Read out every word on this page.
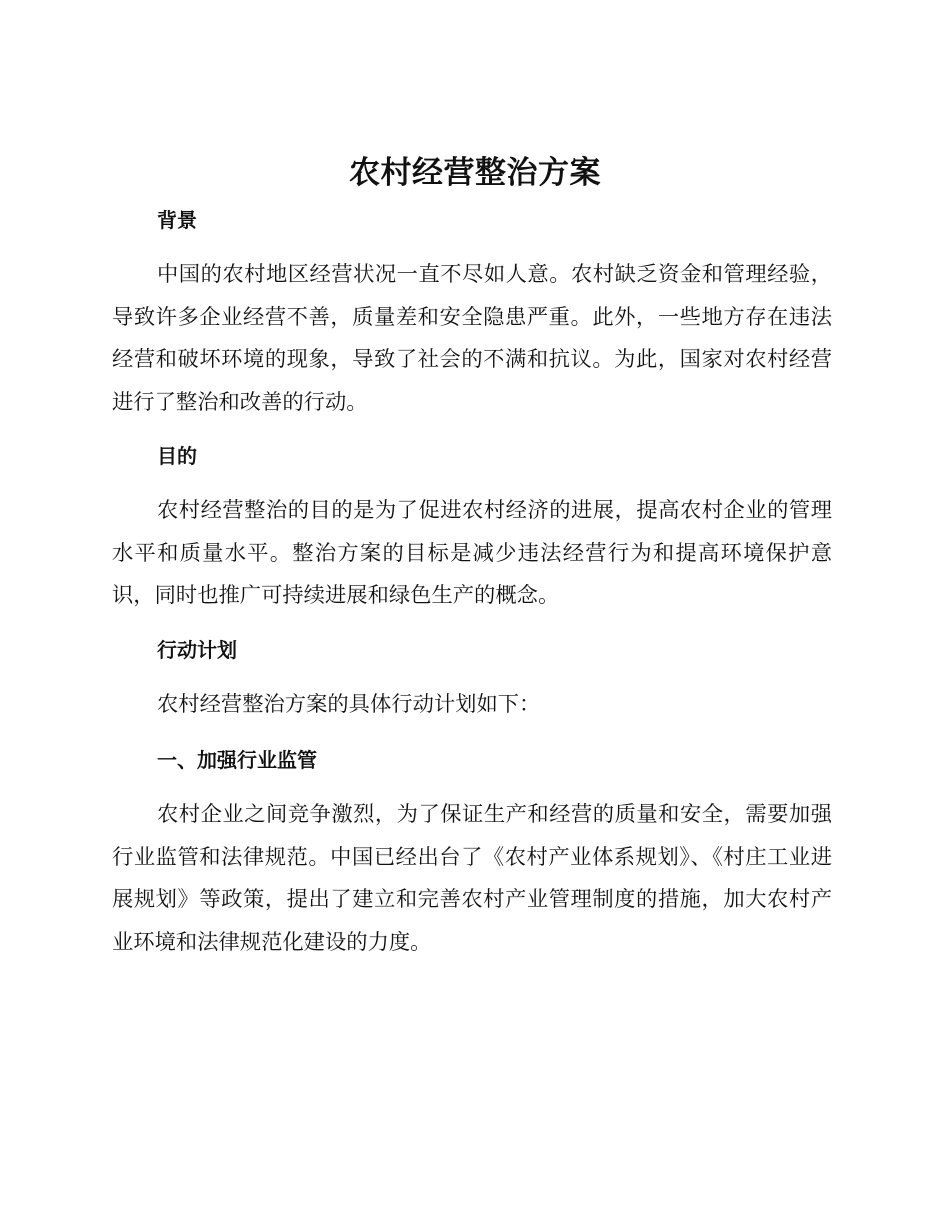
农村经营整治方案
背景

中国的农村地区经营状况一直不尽如人意。农村缺乏资金和管理经验，导致许多企业经营不善，质量差和安全隐患严重。此外，一些地方存在违法经营和破坏环境的现象，导致了社会的不满和抗议。为此，国家对农村经营进行了整治和改善的行动。

目的

农村经营整治的目的是为了促进农村经济的进展，提高农村企业的管理水平和质量水平。整治方案的目标是减少违法经营行为和提高环境保护意识，同时也推广可持续进展和绿色生产的概念。

行动计划

农村经营整治方案的具体行动计划如下：

一、加强行业监管

农村企业之间竞争激烈，为了保证生产和经营的质量和安全，需要加强行业监管和法律规范。中国已经出台了《农村产业体系规划》、《村庄工业进展规划》等政策，提出了建立和完善农村产业管理制度的措施，加大农村产业环境和法律规范化建设的力度。
